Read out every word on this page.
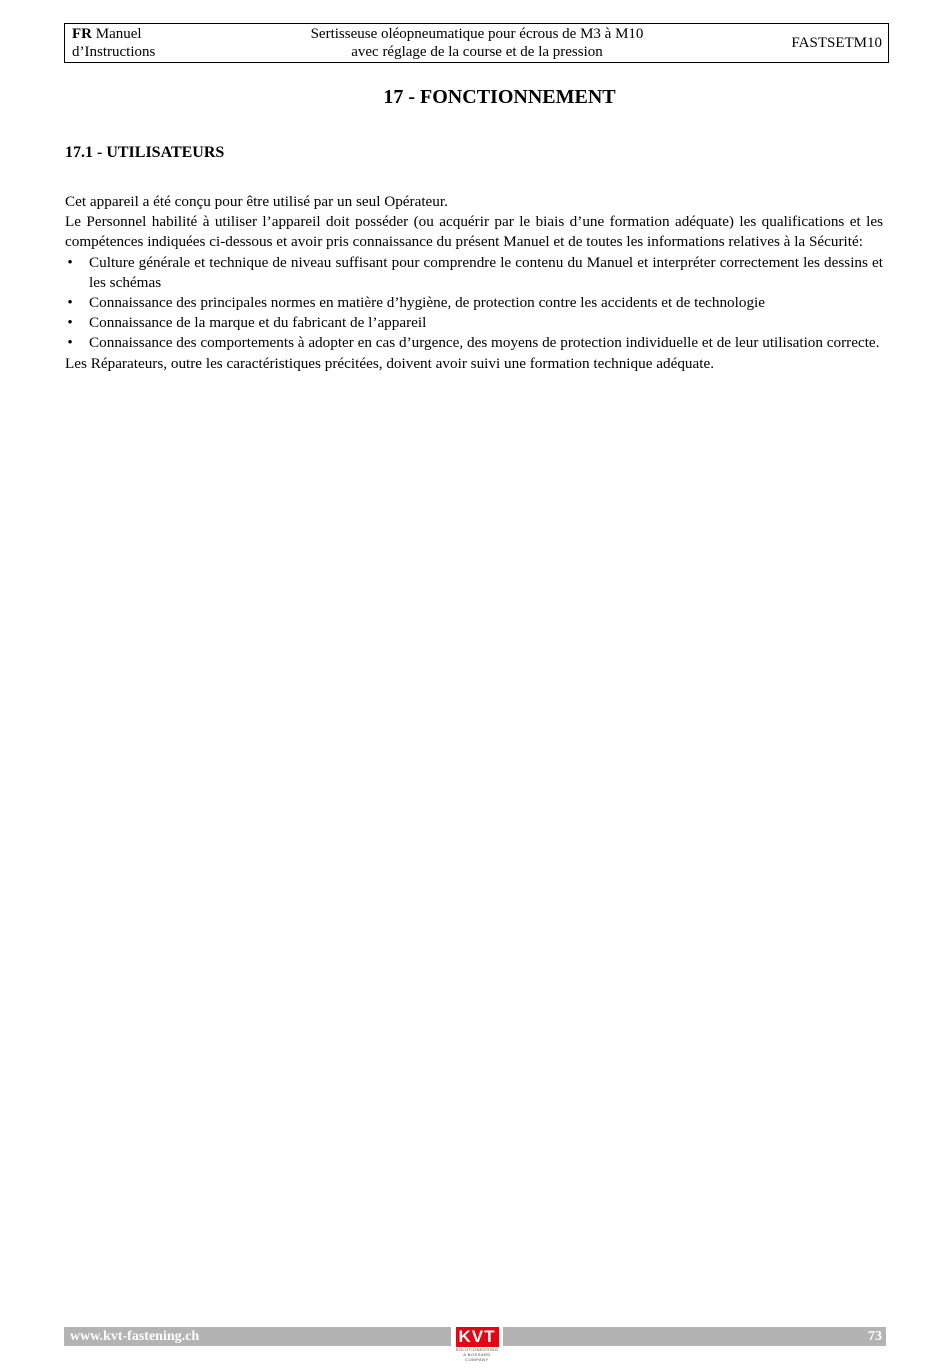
FR Manuel
d’Instructions
Sertisseuse oléopneumatique pour écrous de M3 à M10
avec réglage de la course et de la pression
FASTSETM10
17 - FONCTIONNEMENT
17.1 - UTILISATEURS

Cet appareil a été conçu pour être utilisé par un seul Opérateur.

Le Personnel habilité à utiliser l’appareil doit posséder (ou acquérir par le biais d’une formation adéquate) les qualifications et les compétences indiquées ci-dessous et avoir pris connaissance du présent Manuel et de toutes les informations relatives à la Sécurité:

• Culture générale et technique de niveau suffisant pour comprendre le contenu du Manuel et interpréter correctement les dessins et les schémas
• Connaissance des principales normes en matière d’hygiène, de protection contre les accidents et de technologie
• Connaissance de la marque et du fabricant de l’appareil
• Connaissance des comportements à adopter en cas d’urgence, des moyens de protection individuelle et de leur utilisation correcte.

Les Réparateurs, outre les caractéristiques précitées, doivent avoir suivi une formation technique adéquate.

www.kvt-fastening.ch	73
KVT
SOLUTIONEERING
A BOSSARD COMPANY
